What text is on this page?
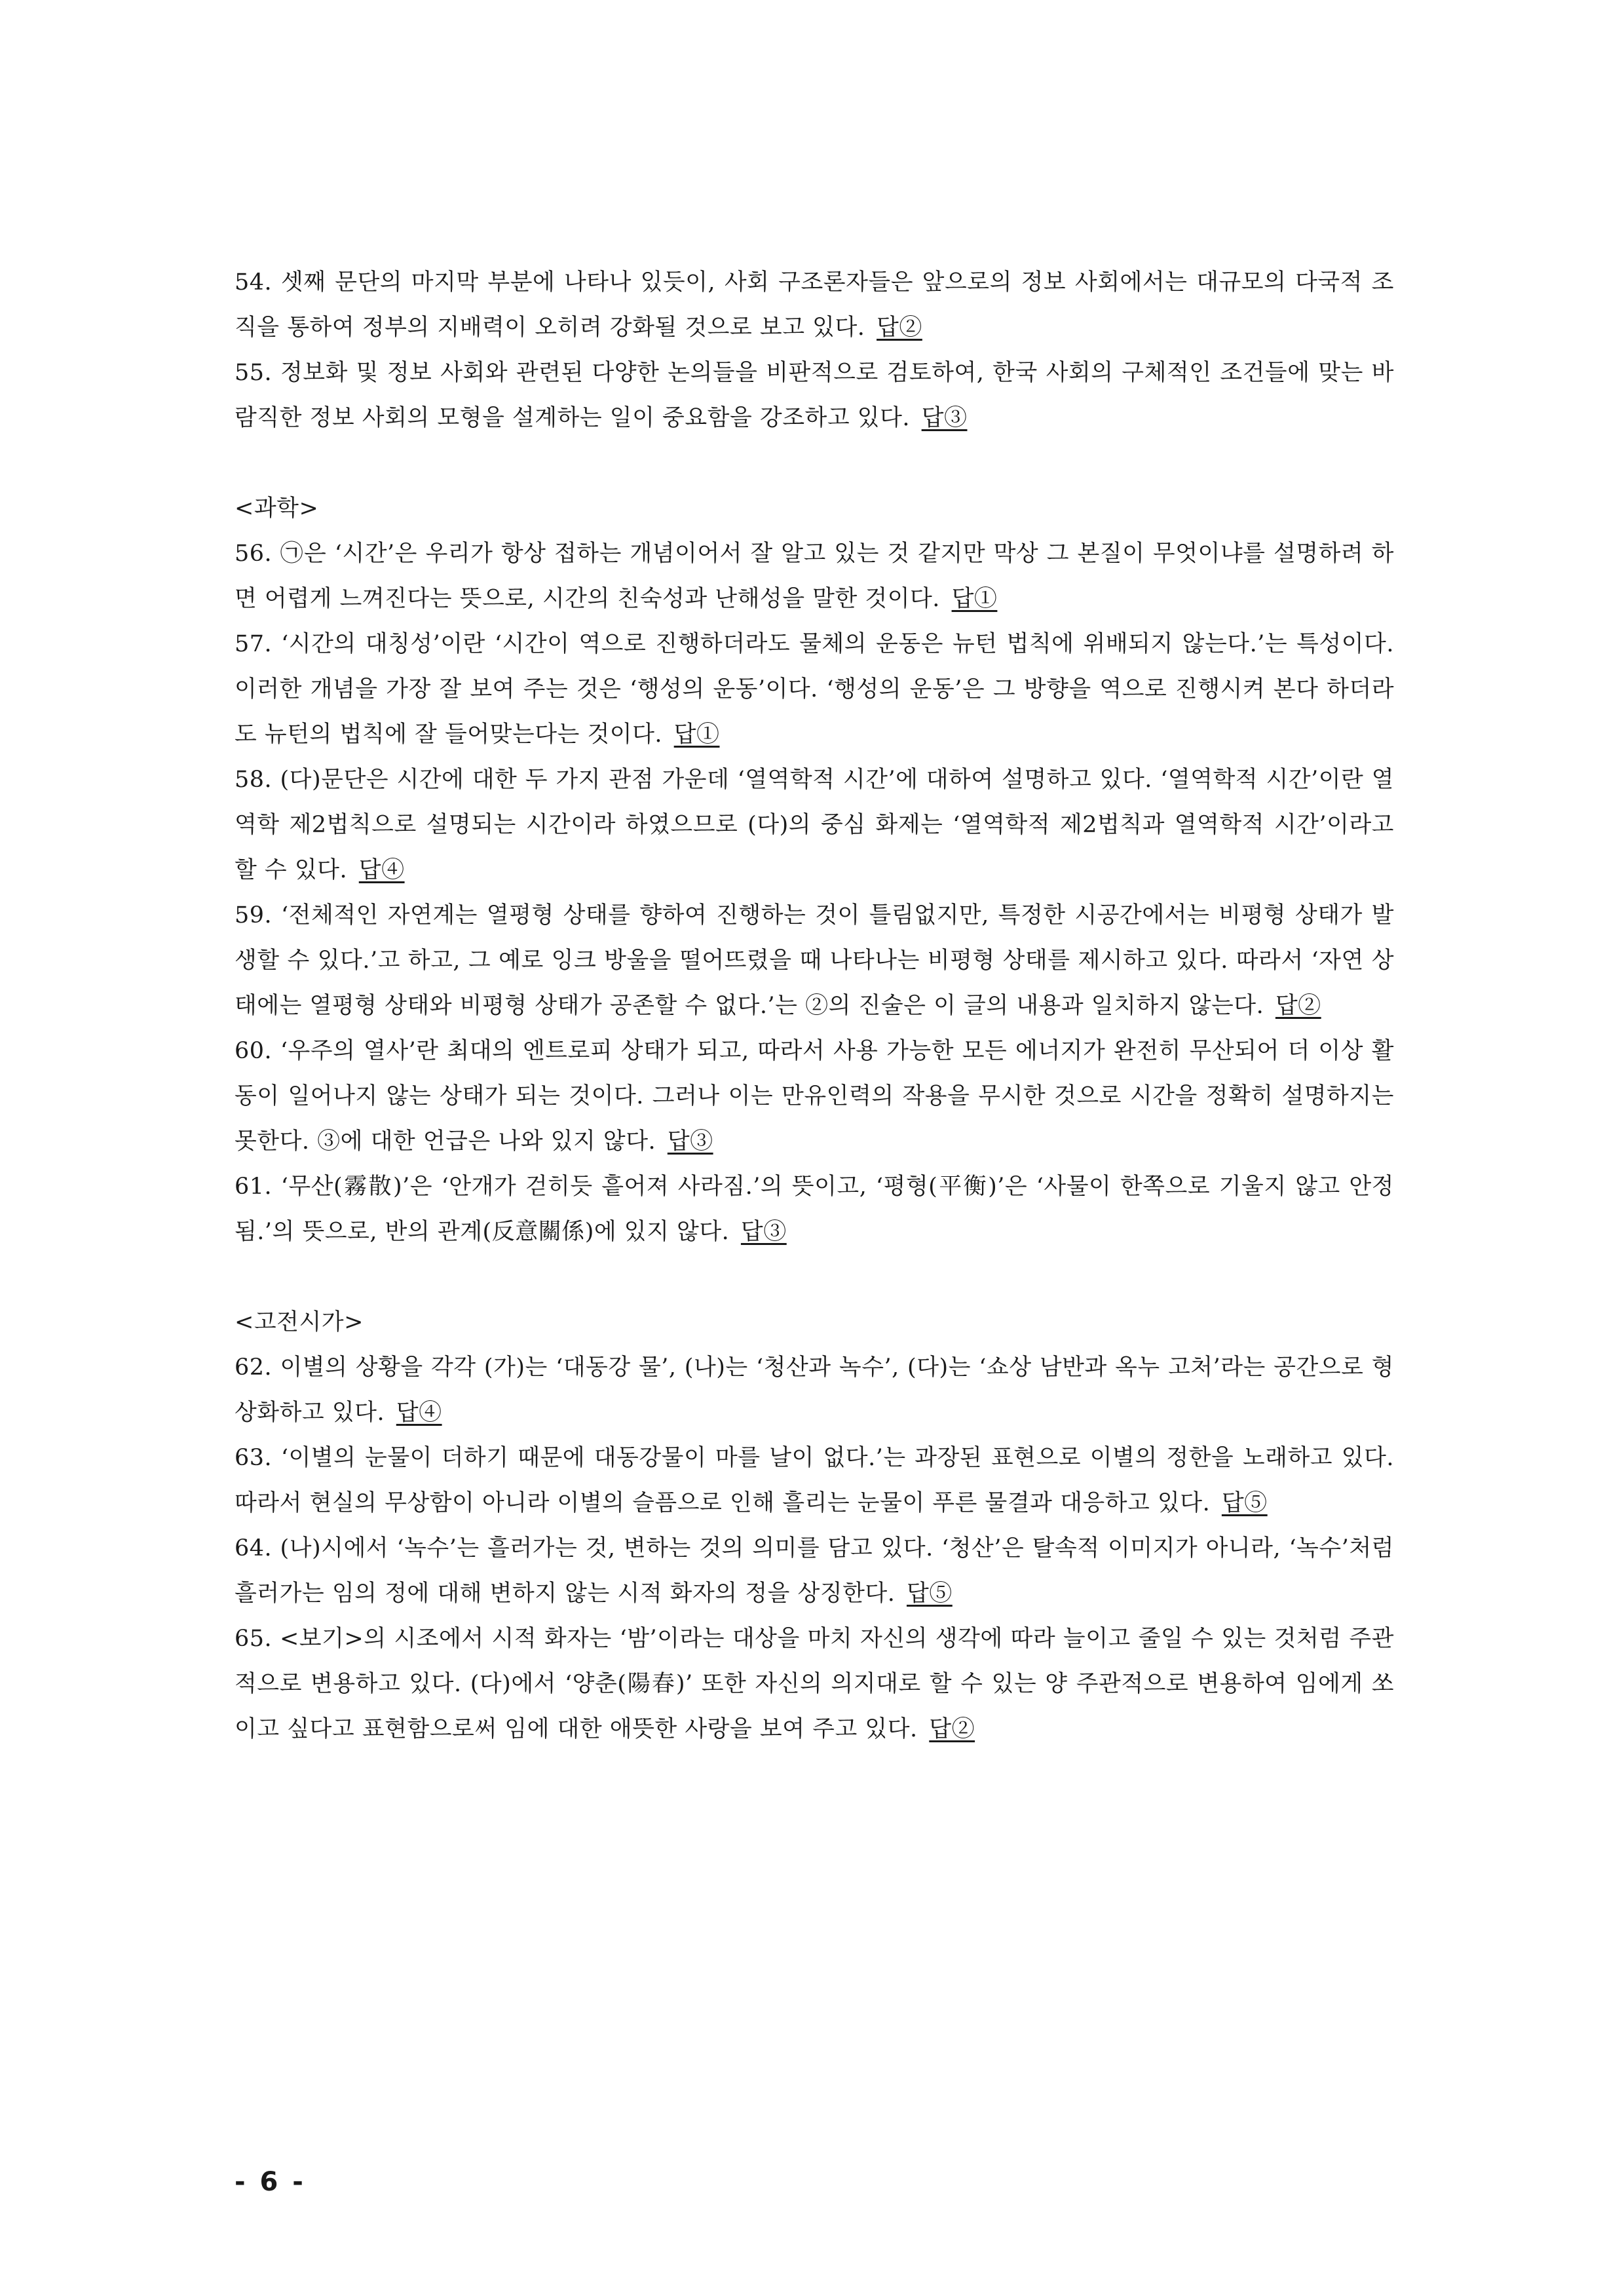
54. 셋째 문단의 마지막 부분에 나타나 있듯이, 사회 구조론자들은 앞으로의 정보 사회에서는 대규모의 다국적 조직을 통하여 정부의 지배력이 오히려 강화될 것으로 보고 있다. 답②

55. 정보화 및 정보 사회와 관련된 다양한 논의들을 비판적으로 검토하여, 한국 사회의 구체적인 조건들에 맞는 바람직한 정보 사회의 모형을 설계하는 일이 중요함을 강조하고 있다. 답③

<과학>

56. ㉠은 ‘시간’은 우리가 항상 접하는 개념이어서 잘 알고 있는 것 같지만 막상 그 본질이 무엇이냐를 설명하려 하면 어렵게 느껴진다는 뜻으로, 시간의 친숙성과 난해성을 말한 것이다. 답①

57. ‘시간의 대칭성’이란 ‘시간이 역으로 진행하더라도 물체의 운동은 뉴턴 법칙에 위배되지 않는다.’는 특성이다. 이러한 개념을 가장 잘 보여 주는 것은 ‘행성의 운동’이다. ‘행성의 운동’은 그 방향을 역으로 진행시켜 본다 하더라도 뉴턴의 법칙에 잘 들어맞는다는 것이다. 답①

58. (다)문단은 시간에 대한 두 가지 관점 가운데 ‘열역학적 시간’에 대하여 설명하고 있다. ‘열역학적 시간’이란 열역학 제2법칙으로 설명되는 시간이라 하였으므로 (다)의 중심 화제는 ‘열역학적 제2법칙과 열역학적 시간’이라고 할 수 있다. 답④

59. ‘전체적인 자연계는 열평형 상태를 향하여 진행하는 것이 틀림없지만, 특정한 시공간에서는 비평형 상태가 발생할 수 있다.’고 하고, 그 예로 잉크 방울을 떨어뜨렸을 때 나타나는 비평형 상태를 제시하고 있다. 따라서 ‘자연 상태에는 열평형 상태와 비평형 상태가 공존할 수 없다.’는 ②의 진술은 이 글의 내용과 일치하지 않는다. 답②

60. ‘우주의 열사’란 최대의 엔트로피 상태가 되고, 따라서 사용 가능한 모든 에너지가 완전히 무산되어 더 이상 활동이 일어나지 않는 상태가 되는 것이다. 그러나 이는 만유인력의 작용을 무시한 것으로 시간을 정확히 설명하지는 못한다. ③에 대한 언급은 나와 있지 않다. 답③

61. ‘무산(霧散)’은 ‘안개가 걷히듯 흩어져 사라짐.’의 뜻이고, ‘평형(平衡)’은 ‘사물이 한쪽으로 기울지 않고 안정됨.’의 뜻으로, 반의 관계(反意關係)에 있지 않다. 답③

<고전시가>

62. 이별의 상황을 각각 (가)는 ‘대동강 물’, (나)는 ‘청산과 녹수’, (다)는 ‘쇼상 남반과 옥누 고처’라는 공간으로 형상화하고 있다. 답④

63. ‘이별의 눈물이 더하기 때문에 대동강물이 마를 날이 없다.’는 과장된 표현으로 이별의 정한을 노래하고 있다. 따라서 현실의 무상함이 아니라 이별의 슬픔으로 인해 흘리는 눈물이 푸른 물결과 대응하고 있다. 답⑤

64. (나)시에서 ‘녹수’는 흘러가는 것, 변하는 것의 의미를 담고 있다. ‘청산’은 탈속적 이미지가 아니라, ‘녹수’처럼 흘러가는 임의 정에 대해 변하지 않는 시적 화자의 정을 상징한다. 답⑤

65. <보기>의 시조에서 시적 화자는 ‘밤’이라는 대상을 마치 자신의 생각에 따라 늘이고 줄일 수 있는 것처럼 주관적으로 변용하고 있다. (다)에서 ‘양춘(陽春)’ 또한 자신의 의지대로 할 수 있는 양 주관적으로 변용하여 임에게 쏘이고 싶다고 표현함으로써 임에 대한 애뜻한 사랑을 보여 주고 있다. 답②

- 6 -
